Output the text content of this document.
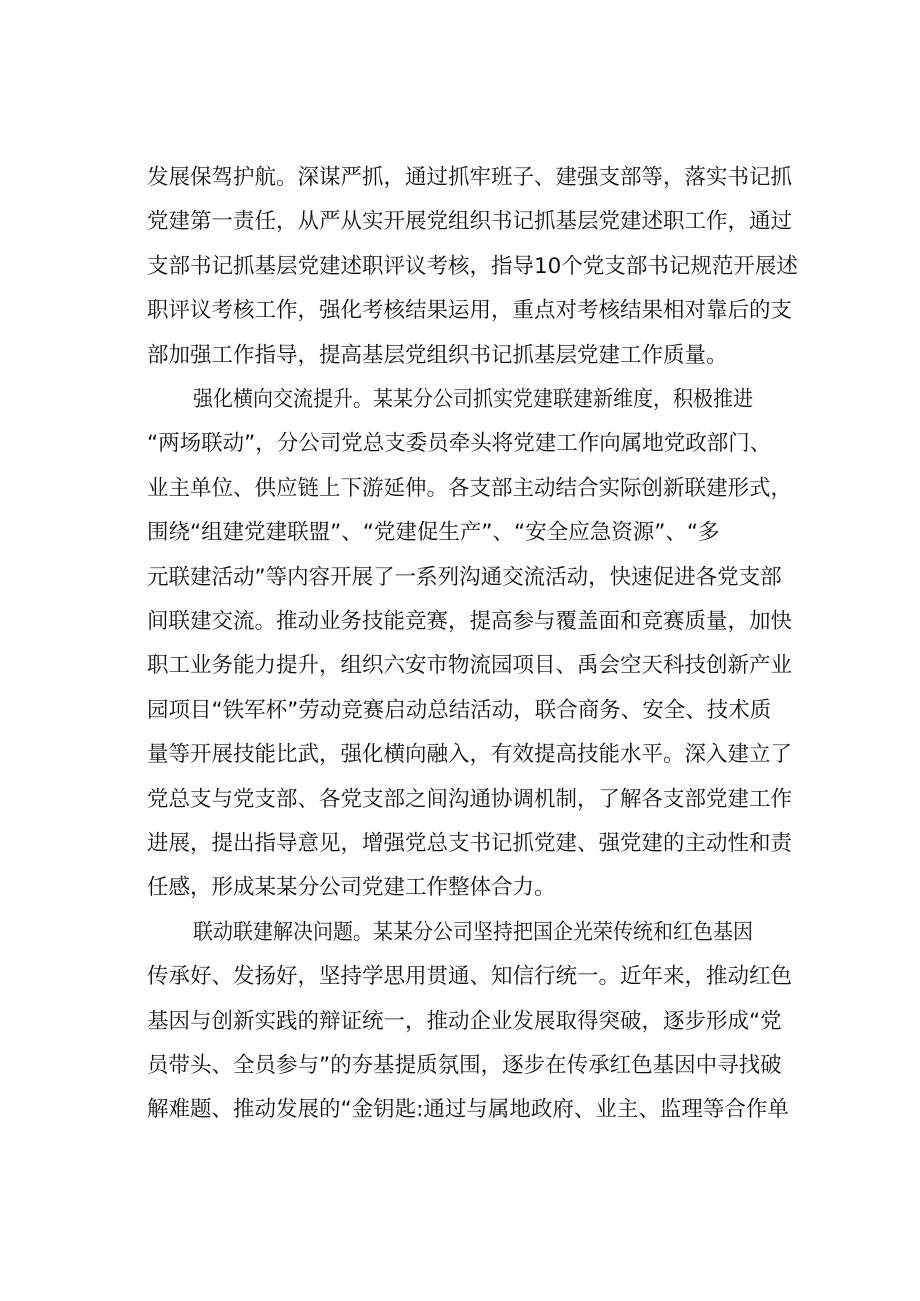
发展保驾护航。深谋严抓，通过抓牢班子、建强支部等，落实书记抓
党建第一责任，从严从实开展党组织书记抓基层党建述职工作，通过
支部书记抓基层党建述职评议考核，指导10个党支部书记规范开展述
职评议考核工作，强化考核结果运用，重点对考核结果相对靠后的支
部加强工作指导，提高基层党组织书记抓基层党建工作质量。
强化横向交流提升。某某分公司抓实党建联建新维度，积极推进
“两场联动”，分公司党总支委员牵头将党建工作向属地党政部门、
业主单位、供应链上下游延伸。各支部主动结合实际创新联建形式，
围绕“组建党建联盟”、“党建促生产”、“安全应急资源”、“多
元联建活动”等内容开展了一系列沟通交流活动，快速促进各党支部
间联建交流。推动业务技能竞赛，提高参与覆盖面和竞赛质量，加快
职工业务能力提升，组织六安市物流园项目、禹会空天科技创新产业
园项目“铁军杯”劳动竞赛启动总结活动，联合商务、安全、技术质
量等开展技能比武，强化横向融入，有效提高技能水平。深入建立了
党总支与党支部、各党支部之间沟通协调机制，了解各支部党建工作
进展，提出指导意见，增强党总支书记抓党建、强党建的主动性和责
任感，形成某某分公司党建工作整体合力。
联动联建解决问题。某某分公司坚持把国企光荣传统和红色基因
传承好、发扬好，坚持学思用贯通、知信行统一。近年来，推动红色
基因与创新实践的辩证统一，推动企业发展取得突破，逐步形成“党
员带头、全员参与”的夯基提质氛围，逐步在传承红色基因中寻找破
解难题、推动发展的“金钥匙:通过与属地政府、业主、监理等合作单
